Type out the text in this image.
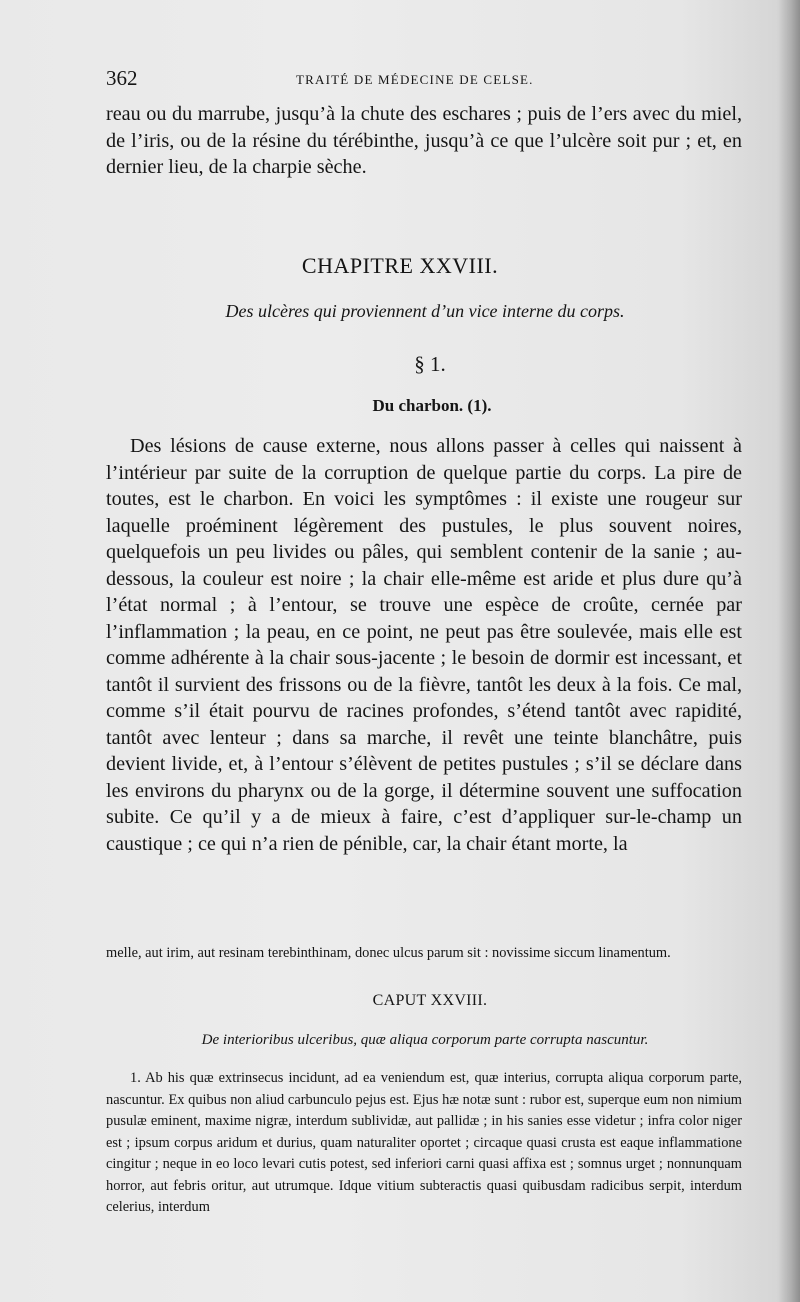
362	TRAITÉ DE MÉDECINE DE CELSE.

reau ou du marrube, jusqu’à la chute des eschares ; puis de l’ers avec du miel, de l’iris, ou de la résine du térébinthe, jusqu’à ce que l’ulcère soit pur ; et, en dernier lieu, de la charpie sèche.

CHAPITRE XXVIII.
Des ulcères qui proviennent d’un vice interne du corps.
§ 1.
Du charbon. (1).

Des lésions de cause externe, nous allons passer à celles qui naissent à l’intérieur par suite de la corruption de quelque partie du corps. La pire de toutes, est le charbon. En voici les symptômes : il existe une rougeur sur laquelle proéminent légèrement des pustules, le plus souvent noires, quelquefois un peu livides ou pâles, qui semblent contenir de la sanie ; au-dessous, la couleur est noire ; la chair elle-même est aride et plus dure qu’à l’état normal ; à l’entour, se trouve une espèce de croûte, cernée par l’inflammation ; la peau, en ce point, ne peut pas être soulevée, mais elle est comme adhérente à la chair sous-jacente ; le besoin de dormir est incessant, et tantôt il survient des frissons ou de la fièvre, tantôt les deux à la fois. Ce mal, comme s’il était pourvu de racines profondes, s’étend tantôt avec rapidité, tantôt avec lenteur ; dans sa marche, il revêt une teinte blanchâtre, puis devient livide, et, à l’entour s’élèvent de petites pustules ; s’il se déclare dans les environs du pharynx ou de la gorge, il détermine souvent une suffocation subite. Ce qu’il y a de mieux à faire, c’est d’appliquer sur-le-champ un caustique ; ce qui n’a rien de pénible, car, la chair étant morte, la

melle, aut irim, aut resinam terebinthinam, donec ulcus parum sit : novissime siccum linamentum.

CAPUT XXVIII.
De interioribus ulceribus, quæ aliqua corporum parte corrupta nascuntur.

1. Ab his quæ extrinsecus incidunt, ad ea veniendum est, quæ interius, corrupta aliqua corporum parte, nascuntur. Ex quibus non aliud carbunculo pejus est. Ejus hæ notæ sunt : rubor est, superque eum non nimium pusulæ eminent, maxime nigræ, interdum sublividæ, aut pallidæ ; in his sanies esse videtur ; infra color niger est ; ipsum corpus aridum et durius, quam naturaliter oportet ; circaque quasi crusta est eaque inflammatione cingitur ; neque in eo loco levari cutis potest, sed inferiori carni quasi affixa est ; somnus urget ; nonnunquam horror, aut febris oritur, aut utrumque. Idque vitium subteractis quasi quibusdam radicibus serpit, interdum celerius, interdum
